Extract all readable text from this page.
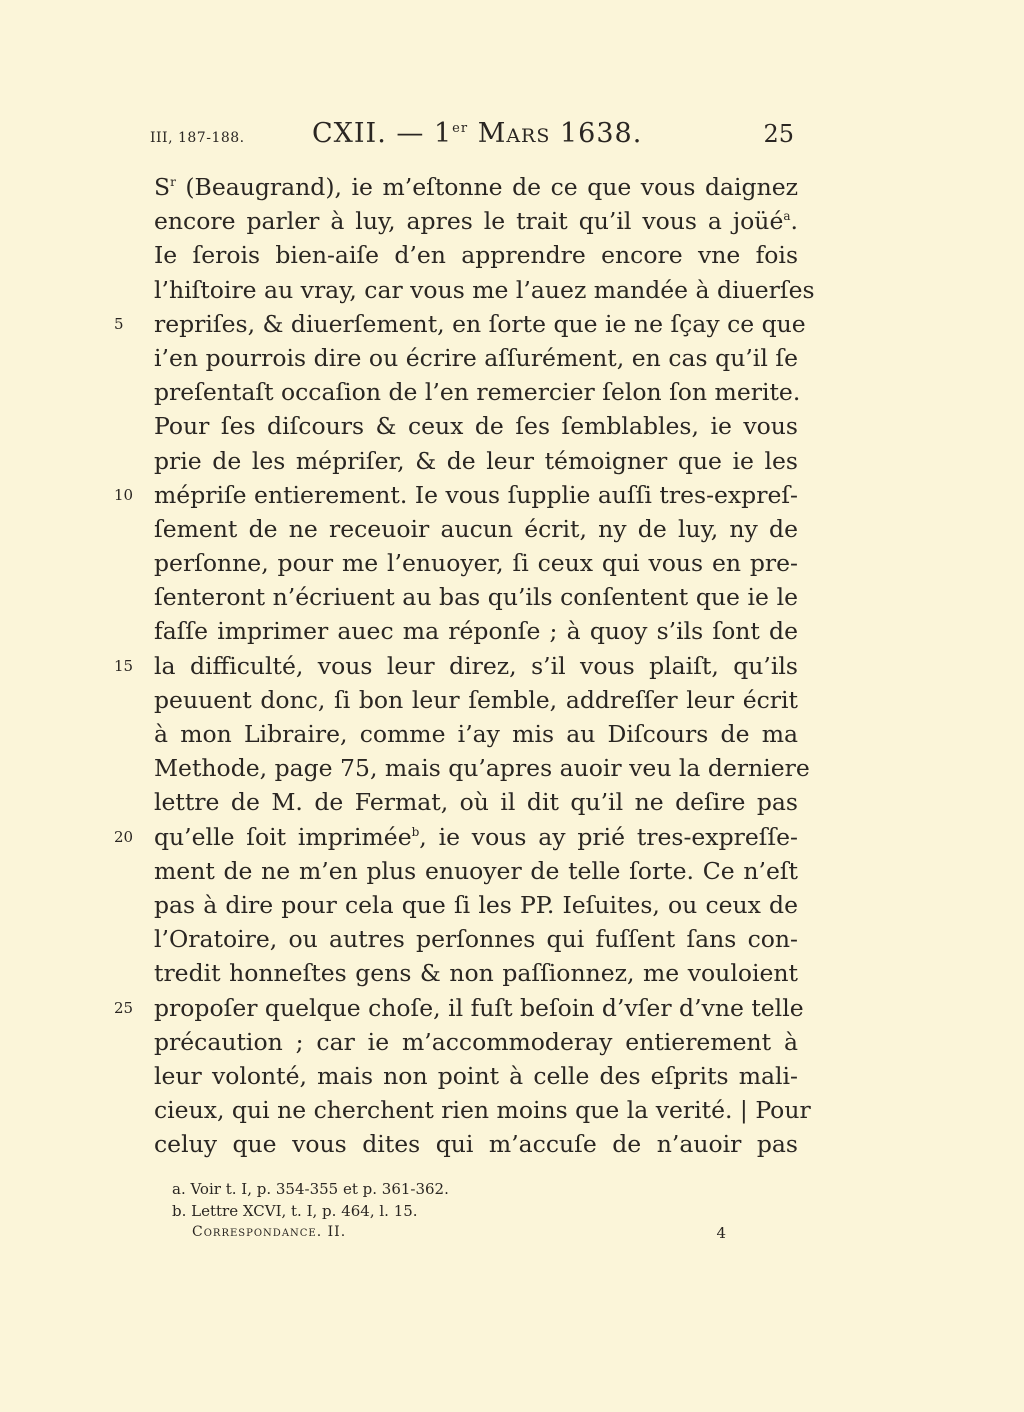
III, 187-188. CXII. — 1er Mars 1638.	25
$S^r$ (Beaugrand), ie m’eſtonne de ce que vous daignez
encore parler à luy, apres le trait qu’il vous a joüé$^a$.
Ie ſerois bien-aiſe d’en apprendre encore vne fois
l’hiſtoire au vray, car vous me l’auez mandée à diuerſes
5	repriſes, & diuerſement, en ſorte que ie ne ſçay ce que
i’en pourrois dire ou écrire aſſurément, en cas qu’il ſe
preſentaſt occaſion de l’en remercier ſelon ſon merite.
Pour ſes diſcours & ceux de ſes ſemblables, ie vous
prie de les mépriſer, & de leur témoigner que ie les
10 mépriſe entierement. Ie vous ſupplie auſſi tres-expreſ-
ſement de ne receuoir aucun écrit, ny de luy, ny de
perſonne, pour me l’enuoyer, ſi ceux qui vous en pre-
ſenteront n’écriuent au bas qu’ils conſentent que ie le
faſſe imprimer auec ma réponſe ; à quoy s’ils ſont de
15 la difficulté, vous leur direz, s’il vous plaiſt, qu’ils
peuuent donc, ſi bon leur ſemble, addreſſer leur écrit
à mon Libraire, comme i’ay mis au Diſcours de ma
Methode, page 75, mais qu’apres auoir veu la derniere
lettre de M. de Fermat, où il dit qu’il ne deſire pas
20 qu’elle ſoit imprimée$^b$, ie vous ay prié tres-expreſſe-
ment de ne m’en plus enuoyer de telle ſorte. Ce n’eſt
pas à dire pour cela que ſi les PP. Ieſuites, ou ceux de
l’Oratoire, ou autres perſonnes qui fuſſent ſans con-
tredit honneſtes gens & non paſſionnez, me vouloient
25 propoſer quelque choſe, il fuſt beſoin d’vſer d’vne telle
précaution ; car ie m’accommoderay entierement à
leur volonté, mais non point à celle des eſprits mali-
cieux, qui ne cherchent rien moins que la verité. | Pour
celuy que vous dites qui m’accuſe de n’auoir pas
a. Voir t. I, p. 354-355 et p. 361-362.
b. Lettre XCVI, t. I, p. 464, l. 15.
Correspondance. II.	4
